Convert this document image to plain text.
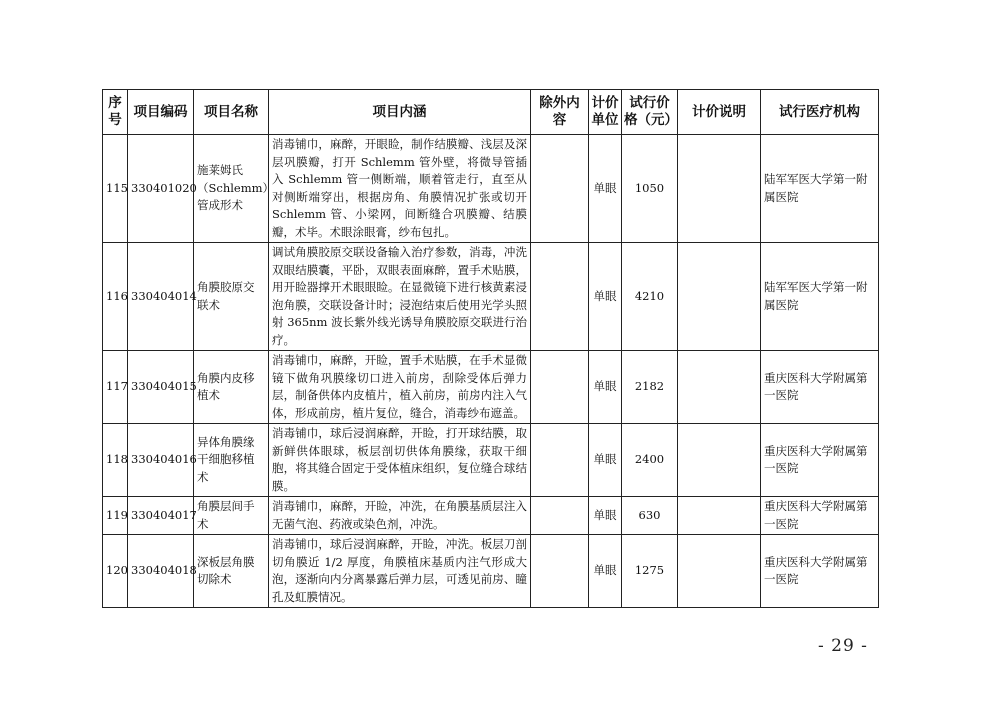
序号	项目编码	项目名称	项目内涵	除外内容	计价单位	试行价格（元）	计价说明	试行医疗机构
115	330401020	施莱姆氏（Schlemm）管成形术	消毒铺巾，麻醉，开眼睑，制作结膜瓣、浅层及深层巩膜瓣，打开 Schlemm 管外壁，将微导管插入 Schlemm 管一侧断端，顺着管走行，直至从对侧断端穿出，根据房角、角膜情况扩张或切开 Schlemm 管、小梁网，间断缝合巩膜瓣、结膜瓣，术毕。术眼涂眼膏，纱布包扎。		单眼	1050		陆军军医大学第一附属医院
116	330404014	角膜胶原交联术	调试角膜胶原交联设备输入治疗参数，消毒，冲洗双眼结膜囊，平卧，双眼表面麻醉，置手术贴膜，用开睑器撑开术眼眼睑。在显微镜下进行核黄素浸泡角膜，交联设备计时；浸泡结束后使用光学头照射 365nm 波长紫外线光诱导角膜胶原交联进行治疗。		单眼	4210		陆军军医大学第一附属医院
117	330404015	角膜内皮移植术	消毒铺巾，麻醉，开睑，置手术贴膜，在手术显微镜下做角巩膜缘切口进入前房，刮除受体后弹力层，制备供体内皮植片，植入前房，前房内注入气体，形成前房，植片复位，缝合，消毒纱布遮盖。		单眼	2182		重庆医科大学附属第一医院
118	330404016	异体角膜缘干细胞移植术	消毒铺巾，球后浸润麻醉，开睑，打开球结膜，取新鲜供体眼球，板层剖切供体角膜缘，获取干细胞，将其缝合固定于受体植床组织，复位缝合球结膜。		单眼	2400		重庆医科大学附属第一医院
119	330404017	角膜层间手术	消毒铺巾，麻醉，开睑，冲洗，在角膜基质层注入无菌气泡、药液或染色剂，冲洗。		单眼	630		重庆医科大学附属第一医院
120	330404018	深板层角膜切除术	消毒铺巾，球后浸润麻醉，开睑，冲洗。板层刀剖切角膜近 1/2 厚度，角膜植床基质内注气形成大泡，逐渐向内分离暴露后弹力层，可透见前房、瞳孔及虹膜情况。		单眼	1275		重庆医科大学附属第一医院
- 29 -
